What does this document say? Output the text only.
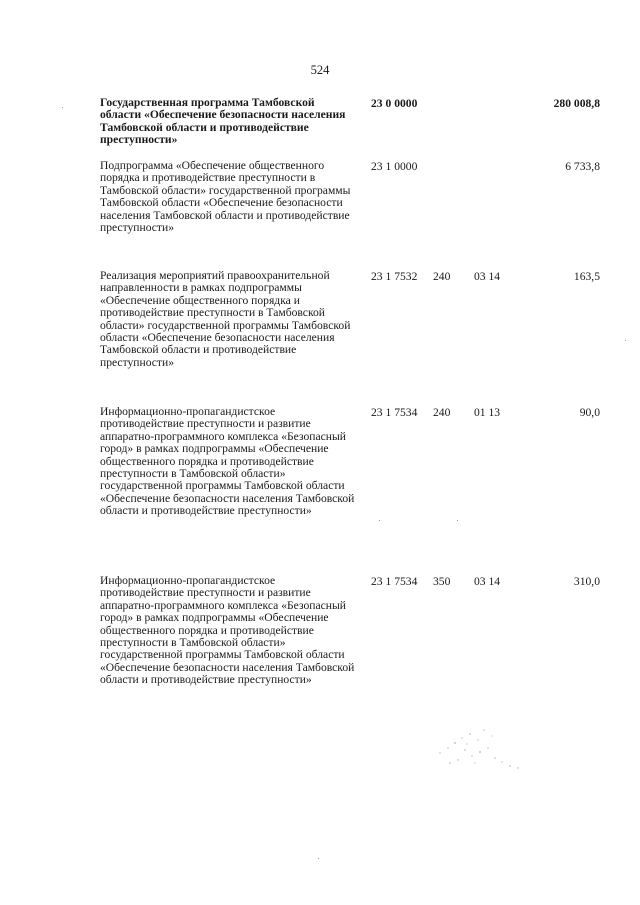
524
Государственная программа Тамбовской области «Обеспечение безопасности населения Тамбовской области и противодействие преступности»
23 0 0000	280 008,8
Подпрограмма «Обеспечение общественного порядка и противодействие преступности в Тамбовской области» государственной программы Тамбовской области «Обеспечение безопасности населения Тамбовской области и противодействие преступности»
23 1 0000	6 733,8
Реализация мероприятий правоохранительной направленности в рамках подпрограммы «Обеспечение общественного порядка и противодействие преступности в Тамбовской области» государственной программы Тамбовской области «Обеспечение безопасности населения Тамбовской области и противодействие преступности»
23 1 7532 240 03 14	163,5
Информационно-пропагандистское противодействие преступности и развитие аппаратно-программного комплекса «Безопасный город» в рамках подпрограммы «Обеспечение общественного порядка и противодействие преступности в Тамбовской области» государственной программы Тамбовской области «Обеспечение безопасности населения Тамбовской области и противодействие преступности»
23 1 7534 240 01 13	90,0
Информационно-пропагандистское противодействие преступности и развитие аппаратно-программного комплекса «Безопасный город» в рамках подпрограммы «Обеспечение общественного порядка и противодействие преступности в Тамбовской области» государственной программы Тамбовской области «Обеспечение безопасности населения Тамбовской области и противодействие преступности»
23 1 7534 350 03 14	310,0
